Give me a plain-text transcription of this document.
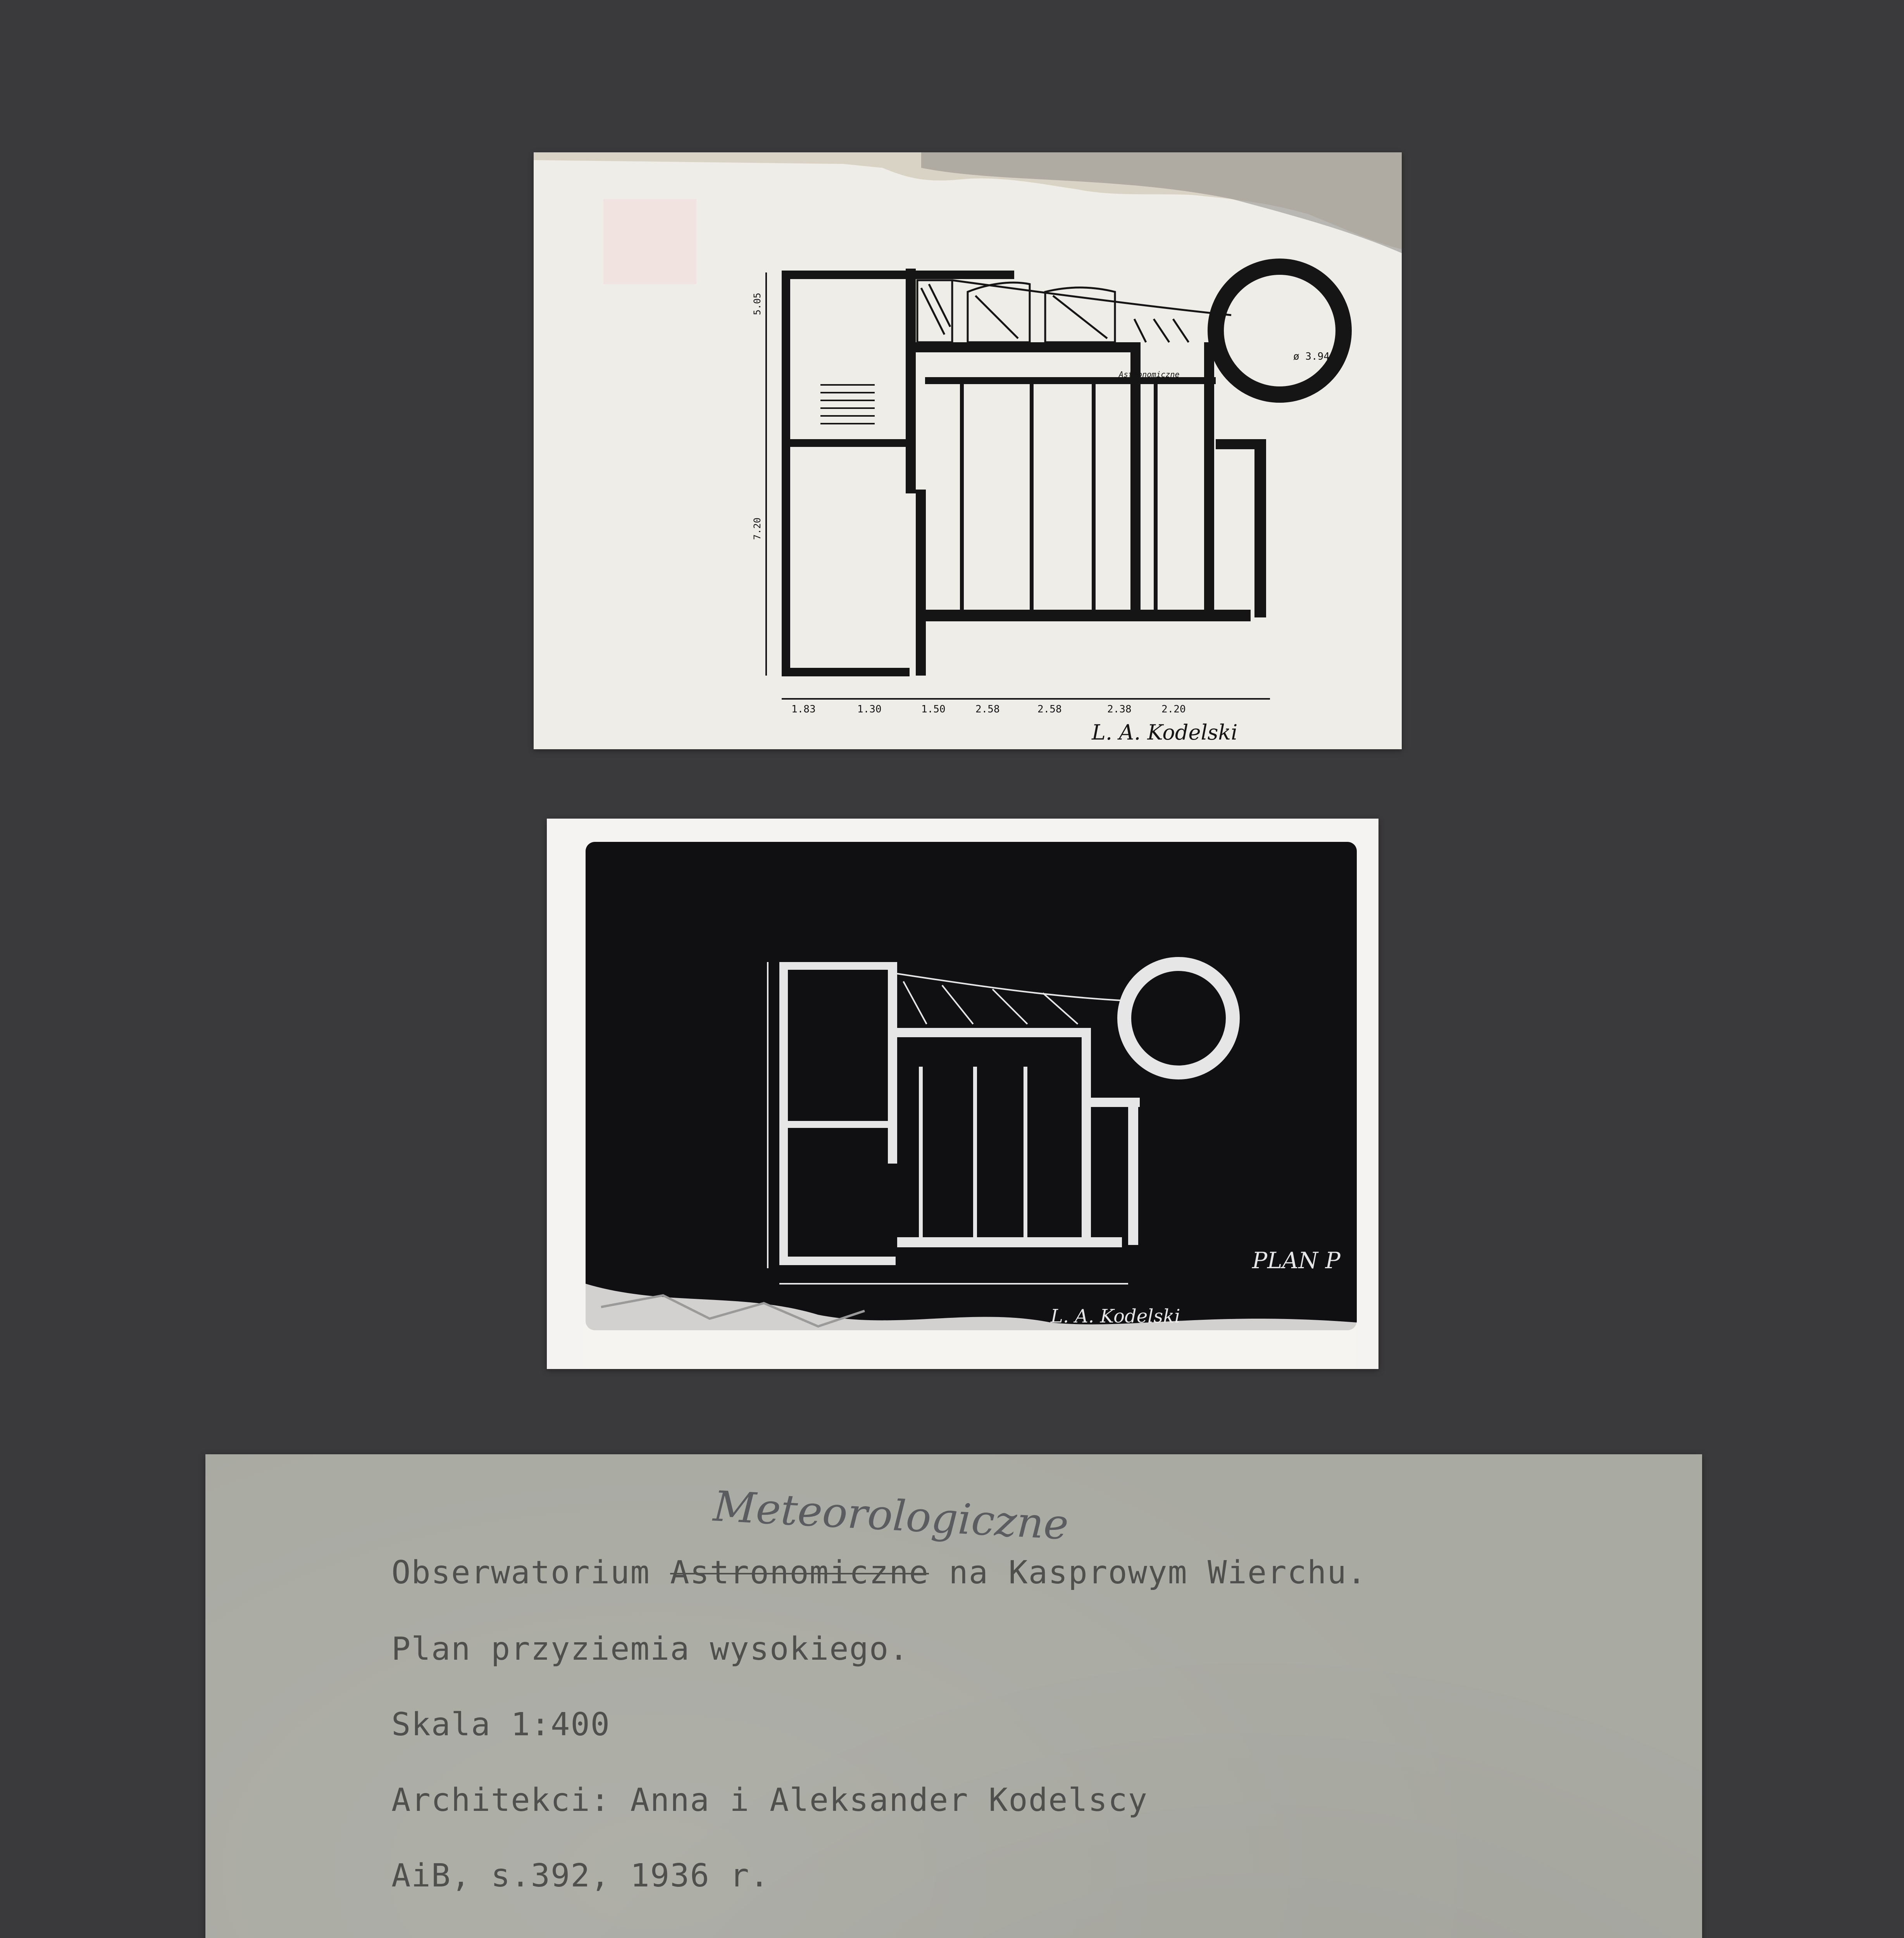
1.83	1.30	1.50	2.58	2.58	2.38	2.20
ø 3.94
Astronomiczne
5.05
7.20
L. A. Kodelski
L. A. Kodelski
PLAN P
Meteorologiczne
Obserwatorium Astronomiczne na Kasprowym Wierchu.
Plan przyziemia wysokiego.
Skala 1:400
Architekci: Anna i Aleksander Kodelscy
AiB, s.392, 1936 r.
